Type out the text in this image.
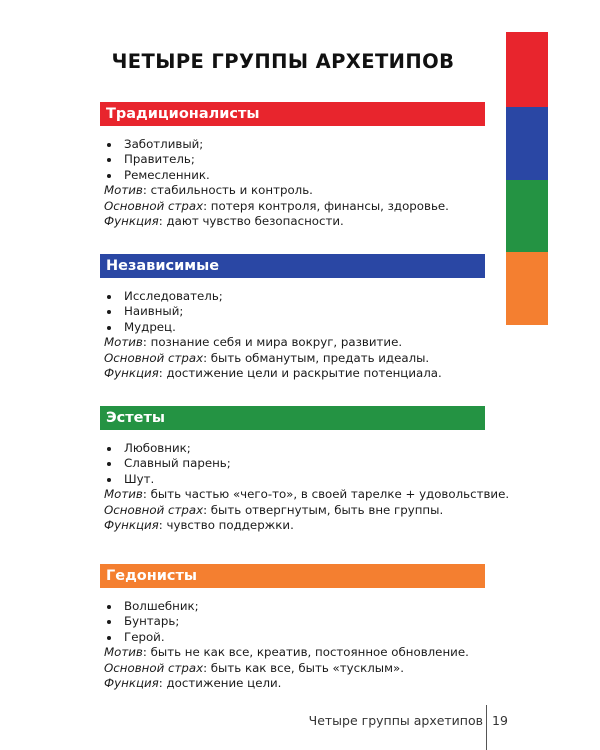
ЧЕТЫРЕ ГРУППЫ АРХЕТИПОВ
Традиционалисты
Заботливый;
Правитель;
Ремесленник.
Мотив: стабильность и контроль.
Основной страх: потеря контроля, финансы, здоровье.
Функция: дают чувство безопасности.
Независимые
Исследователь;
Наивный;
Мудрец.
Мотив: познание себя и мира вокруг, развитие.
Основной страх: быть обманутым, предать идеалы.
Функция: достижение цели и раскрытие потенциала.
Эстеты
Любовник;
Славный парень;
Шут.
Мотив: быть частью «чего-то», в своей тарелке + удовольствие.
Основной страх: быть отвергнутым, быть вне группы.
Функция: чувство поддержки.
Гедонисты
Волшебник;
Бунтарь;
Герой.
Мотив: быть не как все, креатив, постоянное обновление.
Основной страх: быть как все, быть «тусклым».
Функция: достижение цели.
Четыре группы архетипов 19
